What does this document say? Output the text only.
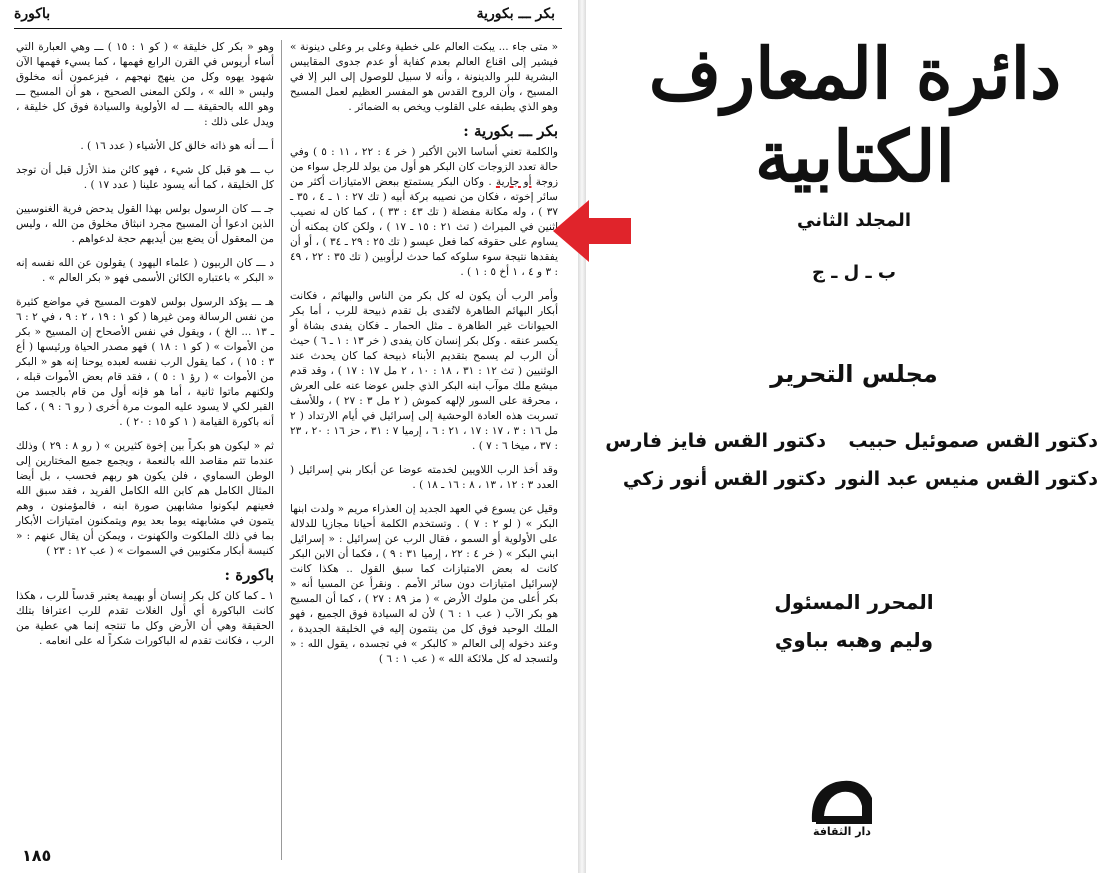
بكر ـــ بكورية
باكورة

« متى جاء ... يبكت العالم على خطية وعلى بر وعلى دينونة » فيشير إلى اقناع العالم بعدم كفاية أو عدم جدوى المقاييس البشرية للبر والدينونة ، وأنه لا سبيل للوصول إلى البر إلا في المسيح ، وأن الروح القدس هو المفسر العظيم لعمل المسيح وهو الذي يطبقه على القلوب ويخص به الضمائر .

بكر ـــ بكورية :

والكلمة تعني أساسا الابن الأكبر ( خر ٤ : ٢٢ ، ١١ : ٥ ) وفي حالة تعدد الزوجات كان البكر هو أول من يولد للرجل سواء من زوجة أو جارية . وكان البكر يستمتع ببعض الامتيازات أكثر من سائر إخوته ، فكان من نصيبه بركة أبيه ( تك ٢٧ : ١ ـ ٤ ، ٣٥ ـ ٣٧ ) ، وله مكانة مفضلة ( تك ٤٣ : ٣٣ ) ، كما كان له نصيب اثنين في الميراث ( تث ٢١ : ١٥ ـ ١٧ ) ، ولكن كان يمكنه أن يساوم على حقوقه كما فعل عيسو ( تك ٢٥ : ٢٩ ـ ٣٤ ) ، أو أن يفقدها نتيجة سوء سلوكه كما حدث لرأوبين ( تك ٣٥ : ٢٢ ، ٤٩ : ٣ و ٤ ، ١ أخ ٥ : ١ ) .

وأمر الرب أن يكون له كل بكر من الناس والبهائم ، فكانت أبكار البهائم الطاهرة لاتُفدى بل تقدم ذبيحة للرب ، أما بكر الحيوانات غير الطاهرة ـ مثل الحمار ـ فكان يفدى بشاة أو يكسر عنقه . وكل بكر إنسان كان يفدى ( خر ١٣ : ١ ـ ٦ ) حيث أن الرب لم يسمح بتقديم الأبناء ذبيحة كما كان يحدث عند الوثنيين ( تث ١٢ : ٣١ ، ١٨ : ١٠ ، ٢ مل ١٧ : ١٧ ) ، وقد قدم ميشع ملك موآب ابنه البكر الذي جلس عوضا عنه على العرش ، محرقة على السور لإلهه كموش ( ٢ مل ٣ : ٢٧ ) ، وللأسف تسربت هذه العادة الوحشية إلى إسرائيل في أيام الارتداد ( ٢ مل ١٦ : ٣ ، ١٧ : ١٧ ، ٢١ : ٦ ، إرميا ٧ : ٣١ ، حز ١٦ : ٢٠ ، ٢٣ : ٣٧ ، ميخا ٦ : ٧ ) .

وقد أخذ الرب اللاويين لخدمته عوضا عن أبكار بني إسرائيل ( العدد ٣ : ١٢ ، ١٣ ، ٨ : ١٦ ـ ١٨ ) .

وقيل عن يسوع في العهد الجديد إن العذراء مريم « ولدت ابنها البكر » ( لو ٢ : ٧ ) . وتستخدم الكلمة أحيانا مجازيا للدلالة على الأولوية أو السمو ، فقال الرب عن إسرائيل : « إسرائيل ابني البكر » ( خر ٤ : ٢٢ ، إرميا ٣١ : ٩ ) ، فكما أن الابن البكر كانت له بعض الامتيازات كما سبق القول .. هكذا كانت لإسرائيل امتيازات دون سائر الأمم . ونقرأ عن المسيا أنه « بكر أعلى من ملوك الأرض » ( مز ٨٩ : ٢٧ ) ، كما أن المسيح هو بكر الآب ( عب ١ : ٦ ) لأن له السيادة فوق الجميع ، فهو الملك الوحيد فوق كل من ينتمون إليه في الخليقة الجديدة ، وعند دخوله إلى العالم « كالبكر » في تجسده ، يقول الله : « ولتسجد له كل ملائكة الله » ( عب ١ : ٦ )

وهو « بكر كل خليقة » ( كو ١ : ١٥ ) ـــ وهي العبارة التي أساء أريوس في القرن الرابع فهمها ، كما يسيء فهمها الآن شهود يهوه وكل من ينهج نهجهم ، فيزعمون أنه مخلوق وليس « الله » ، ولكن المعنى الصحيح ، هو أن المسيح ـــ وهو الله بالحقيقة ـــ له الأولوية والسيادة فوق كل خليقة ، ويدل على ذلك :

أ ـــ أنه هو ذاته خالق كل الأشياء ( عدد ١٦ ) .

ب ـــ هو قبل كل شيء ، فهو كائن منذ الأزل قبل أن توجد كل الخليقة ، كما أنه يسود علينا ( عدد ١٧ ) .

جـ ـــ كان الرسول بولس بهذا القول يدحض فرية الغنوسيين الذين ادعوا أن المسيح مجرد انبثاق مخلوق من الله ، وليس من المعقول أن يضع بين أيديهم حجة لدعواهم .

د ـــ كان الربيون ( علماء اليهود ) يقولون عن الله نفسه إنه « البكر » باعتباره الكائن الأسمى فهو « بكر العالم » .

هـ ـــ يؤكد الرسول بولس لاهوت المسيح في مواضع كثيرة من نفس الرسالة ومن غيرها ( كو ١ : ١٩ ، ٢ : ٩ ، في ٢ : ٦ ـ ١٣ ... الخ ) ، ويقول في نفس الأصحاح إن المسيح « بكر من الأموات » ( كو ١ : ١٨ ) فهو مصدر الحياة ورئيسها ( أع ٣ : ١٥ ) ، كما يقول الرب نفسه لعبده يوحنا إنه هو « البكر من الأموات » ( رؤ ١ : ٥ ) ، فقد قام بعض الأموات قبله ، ولكنهم ماتوا ثانية ، أما هو فإنه أول من قام بالجسد من القبر لكي لا يسود عليه الموت مرة أخرى ( رو ٦ : ٩ ) ، كما أنه باكورة القيامة ( ١ كو ١٥ : ٢٠ ) .

ثم « ليكون هو بكراً بين إخوة كثيرين » ( رو ٨ : ٢٩ ) وذلك عندما تتم مقاصد الله بالنعمة ، ويجمع جميع المختارين إلى الوطن السماوي ، فلن يكون هو ربهم فحسب ، بل أيضا المثال الكامل هم كابن الله الكامل الفريد ، فقد سبق الله فعينهم ليكونوا مشابهين صورة ابنه ، فالمؤمنون ، وهم يتمون في مشابهته يوما بعد يوم ويتمكنون امتيازات الأبكار بما في ذلك الملكوت والكهنوت ، ويمكن أن يقال عنهم : « كنيسة أبكار مكتوبين في السموات » ( عب ١٢ : ٢٣ )

باكورة :

١ ـ كما كان كل بكر إنسان أو بهيمة يعتبر قدساً للرب ، هكذا كانت الباكورة أي أول الغلات تقدم للرب اعترافا بتلك الحقيقة وهي أن الأرض وكل ما تنتجه إنما هي عطية من الرب ، فكانت تقدم له الباكورات شكراً له على انعامه .

١٨٥
دائرة المعارف الكتابية
المجلد الثاني
ب ـ ل ـ ج
مجلس التحرير
دكتور القس صموئيل حبيب
دكتور القس فايز فارس
دكتور القس منيس عبد النور
دكتور القس أنور زكي
المحرر المسئول
وليم وهبه بباوي
دار الثقافة
